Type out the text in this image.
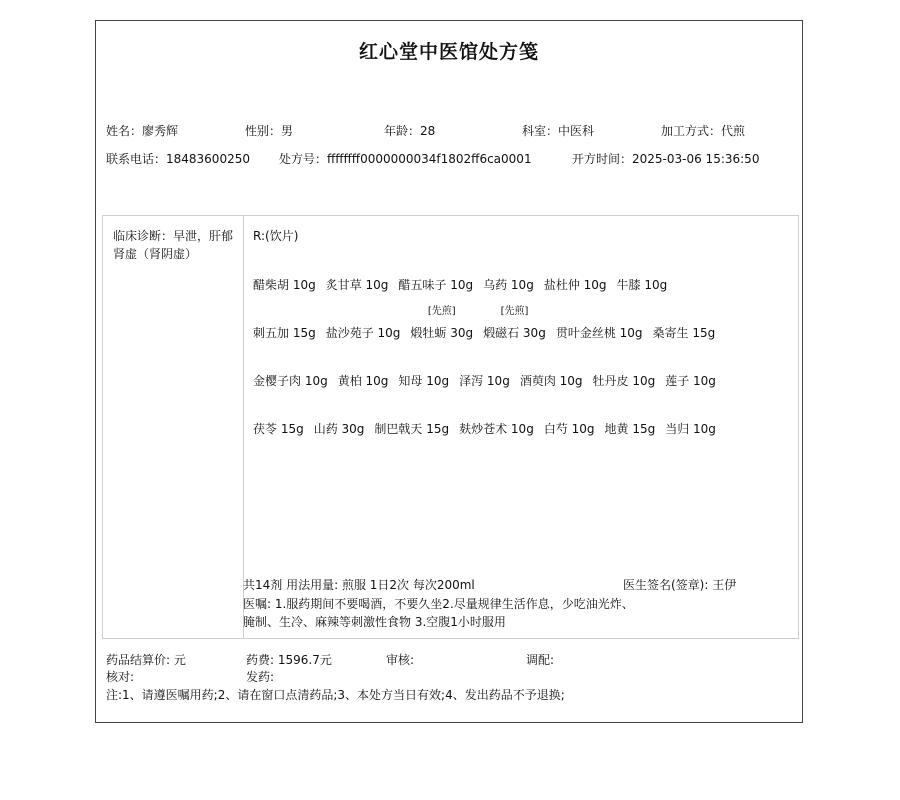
红心堂中医馆处方笺
姓名：廖秀辉	性别：男	年龄：28	科室：中医科	加工方式：代煎
联系电话：18483600250 处方号：ffffffff0000000034f1802ff6ca0001	开方时间：2025-03-06 15:36:50
临床诊断：早泄，肝郁肾虚（肾阴虚）
R:(饮片)
醋柴胡 10g 炙甘草 10g 醋五味子 10g 乌药 10g 盐杜仲 10g 牛膝 10g
刺五加 15g 盐沙苑子 10g 煅牡蛎 30g
[先煎]
煅磁石 30g
[先煎]
贯叶金丝桃 10g 桑寄生 15g
金樱子肉 10g 黄柏 10g 知母 10g 泽泻 10g 酒萸肉 10g 牡丹皮 10g 莲子 10g
茯苓 15g 山药 30g 制巴戟天 15g 麸炒苍术 10g 白芍 10g 地黄 15g 当归 10g
共14剂 用法用量: 煎服 1日2次 每次200ml	医生签名(签章): 王伊
医嘱: 1.服药期间不要喝酒，不要久坐2.尽量规律生活作息，少吃油光炸、腌制、生冷、麻辣等刺激性食物 3.空腹1小时服用
药品结算价: 元	药费: 1596.7元	审核:	调配:
核对:	发药:
注:1、请遵医嘱用药;2、请在窗口点清药品;3、本处方当日有效;4、发出药品不予退换;
